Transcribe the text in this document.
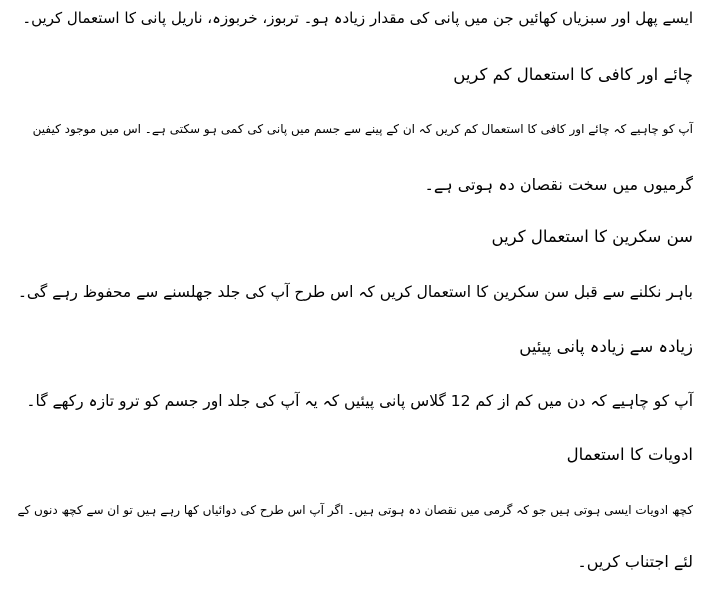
ایسے پھل اور سبزیاں کھائیں جن میں پانی کی مقدار زیادہ ہو۔ تربوز، خربوزہ، ناریل پانی کا استعمال کریں۔

چائے اور کافی کا استعمال کم کریں

آپ کو چاہیے کہ چائے اور کافی کا استعمال کم کریں کہ ان کے پینے سے جسم میں پانی کی کمی ہو سکتی ہے۔ اس میں موجود کیفین

گرمیوں میں سخت نقصان دہ ہوتی ہے۔

سن سکرین کا استعمال کریں

باہر نکلنے سے قبل سن سکرین کا استعمال کریں کہ اس طرح آپ کی جلد جھلسنے سے محفوظ رہے گی۔

زیادہ سے زیادہ پانی پیئیں

آپ کو چاہیے کہ دن میں کم از کم 12 گلاس پانی پیئیں کہ یہ آپ کی جلد اور جسم کو ترو تازہ رکھے گا۔

ادویات کا استعمال

کچھ ادویات ایسی ہوتی ہیں جو کہ گرمی میں نقصان دہ ہوتی ہیں۔ اگر آپ اس طرح کی دوائیاں کھا رہے ہیں تو ان سے کچھ دنوں کے

لئے اجتناب کریں۔
